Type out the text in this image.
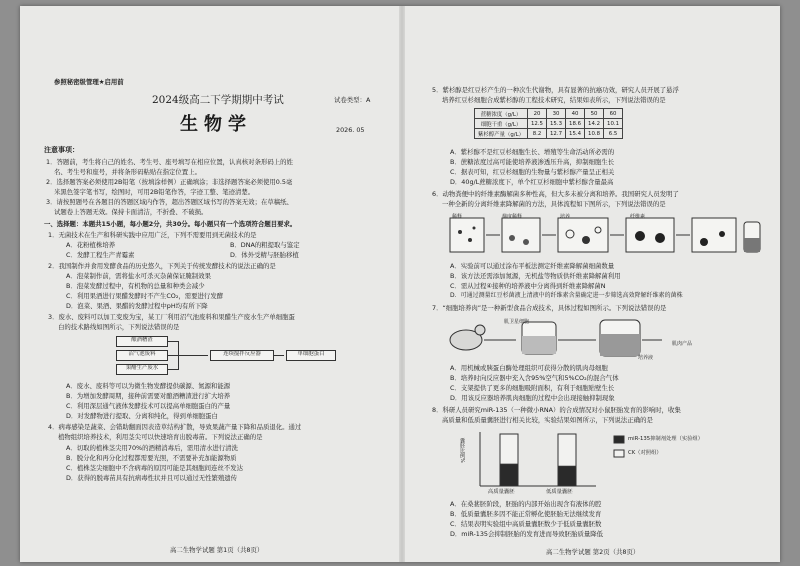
参照秘密级管理★启用前
2024级高二下学期期中考试	试卷类型：A
生物学	2026. 05
注意事项：
1．答题前，考生将自己的姓名、考生号、座号填写在相应位置，认真核对条形码上的姓
名、考生号和座号，并将条形码粘贴在指定位置上。
2．选择题答案必须使用2B铅笔（按填涂样例）正确填涂；非选择题答案必须使用0.5毫
米黑色签字笔书写，绘图时，可用2B铅笔作答，字迹工整、笔迹清楚。
3．请按照题号在各题目的答题区域内作答，超出答题区域书写的答案无效；在草稿纸、
试题卷上答题无效。保持卡面清洁，不折叠、不破损。
一、选择题：本题共15小题，每小题2分，共30分。每小题只有一个选项符合题目要求。
1．无菌技术在生产和科研实践中应用广泛，下列不需要用到无菌技术的是
A．花粉植株培养	B．DNA的粗提取与鉴定
C．发酵工程生产青霉素	D．体外受精与胚胎移植
2．我国制作并食用发酵食品的历史悠久，下列关于传统发酵技术的说法正确的是
A．泡菜制作前，需将盐水可杀灭杂菌保证腌制效果
B．泡菜发酵过程中，有机物的总量和种类会减少
C．利用果酒进行果醋发酵时不产生CO₂，需要进行发酵
D．泡菜、果酒、果醋的发酵过程中pH均有所下降
3．废水、废料可以加工变废为宝，某工厂利用沼气池废料和果醋生产废水生产单细胞蛋
白的技术路线如图所示，下列说法错误的是
酿酒糟渣
沼气池废料
果醋生产废水
连续搅拌反应器	单细胞蛋白
A．废水、废料等可以为微生物发酵提供碳源、氮源和能源
B．为增加发酵周期，接种前需要对酿酒糟渣进行扩大培养
C．利用深层通气液体发酵技术可以提高单细胞蛋白的产量
D．对发酵物进行提取、分离和纯化，得到单细胞蛋白
4．病毒感染是蔬菜、会错助翻面因表造草结构扩散，导致果蔬产量下降和品质退化。通过
植物组织培养技术，利用茎尖可以快速培育出脱毒苗。下列说法正确的是
A．切取的植株茎尖用70%的酒精消毒后，需用清水进行清洗
B．脱分化和再分化过程都需要光照，不需要补充加能源物质
C．植株茎尖细胞中不含病毒的原因可能是其细胞间连丝不发达
D．获得的脱毒苗具有抗病毒性状并且可以通过无性繁殖遗传
高二生物学试题 第1页（共8页）
5．紫杉醇是红豆杉产生的一种次生代谢物，具有显著的抗癌功效，研究人员开展了悬浮
培养红豆杉细胞合成紫杉醇的工程技术研究，结果如表所示，下列说法错误的是
蔗糖浓度（g/L）	20	30	40	50	60
细胞干重（g/L）	12.5	15.3	18.6	14.2	10.1
紫杉醇产量（g/L）	8.2	12.7	15.4	10.8	6.5
A．紫杉醇不是红豆杉细胞生长、增殖等生命活动所必需的
B．蔗糖浓度过高可能使培养液渗透压升高，抑制细胞生长
C．据表可知，红豆杉细胞的生物量与紫杉醇产量呈正相关
D．40g/L蔗糖浓度下，单个红豆杉细胞中紫杉醇含量最高
6．动物粪便中的纤维素酶解菌多种性高，但大多未被分离和培养。我国研究人员发明了
一种全新的分离纤维素降解菌的方法，具体流程如下图所示，下列说法错误的是
稀释	梯度稀释	培养	纤维素
A．实验前可以通过涂布平板法测定纤维素降解菌细菌数量
B．该方法还需添加氮源，无机盐等物质供纤维素降解菌利用
C．需从过程④接种的培养液中分离得到纤维素降解菌N
D．可通过测量红豆杉菌液上清液中的纤维素含量确定进一步筛选高效降解纤维素的菌株
7．“细胞培养肉”是一种新型食品合成技术，具体过程如图所示。下列说法错误的是
肌卫星细胞
培养液
肌肉产品
A．用机械或胰蛋白酶处理组织可获得分散的肌肉母细胞
B．培养时向反应器中充入含95%空气和5%CO₂的混合气体
C．支架提供了更多的细胞吸附面积，有利于细胞贴壁生长
D．用该反应器培养肌肉细胞的过程中会出现接触抑制现象
8．科研人员研究miR-135（一种微小RNA）的合成情况对小鼠胚胎发育的影响时，收集
高质量和低质量囊胚进行相关比较，实验结果如图所示，下列说法正确的是
囊胚比例%	miR-135抑制剂处理（实验组）
CK（对照组）
高质量囊胚	低质量囊胚
A．在桑葚胚阶段，胚胎的内部开始出现含有液体的腔
B．低质量囊胚多因不能正常孵化使胚胎无法继续发育
C．结果表明实验组中高质量囊胚数少于低质量囊胚数
D．miR-135会抑制胚胎的发育进而导致胚胎质量降低
高二生物学试题 第2页（共8页）
